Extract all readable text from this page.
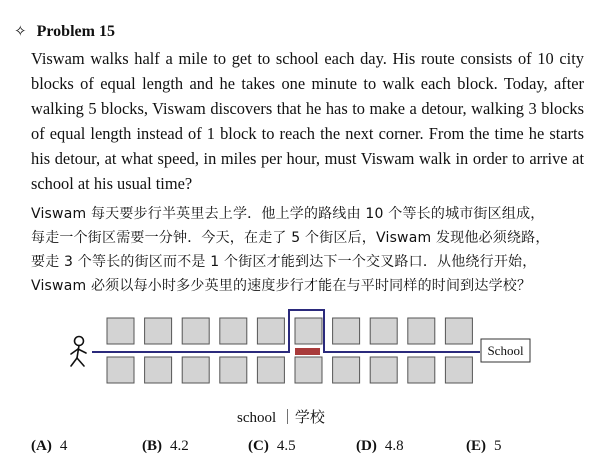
✧ Problem 15
Viswam walks half a mile to get to school each day. His route consists of 10 city blocks of equal length and he takes one minute to walk each block. Today, after walking 5 blocks, Viswam discovers that he has to make a detour, walking 3 blocks of equal length instead of 1 block to reach the next corner. From the time he starts his detour, at what speed, in miles per hour, must Viswam walk in order to arrive at school at his usual time?
Viswam 每天要步行半英里去上学．他上学的路线由 10 个等长的城市街区组成，
每走一个街区需要一分钟．今天，在走了 5 个街区后，Viswam 发现他必须绕路，
要走 3 个等长的街区而不是 1 个街区才能到达下一个交叉路口．从他绕行开始，
Viswam 必须以每小时多少英里的速度步行才能在与平时同样的时间到达学校？
School
school ｜学校
(A) 4	(B) 4.2	(C) 4.5	(D) 4.8	(E) 5
